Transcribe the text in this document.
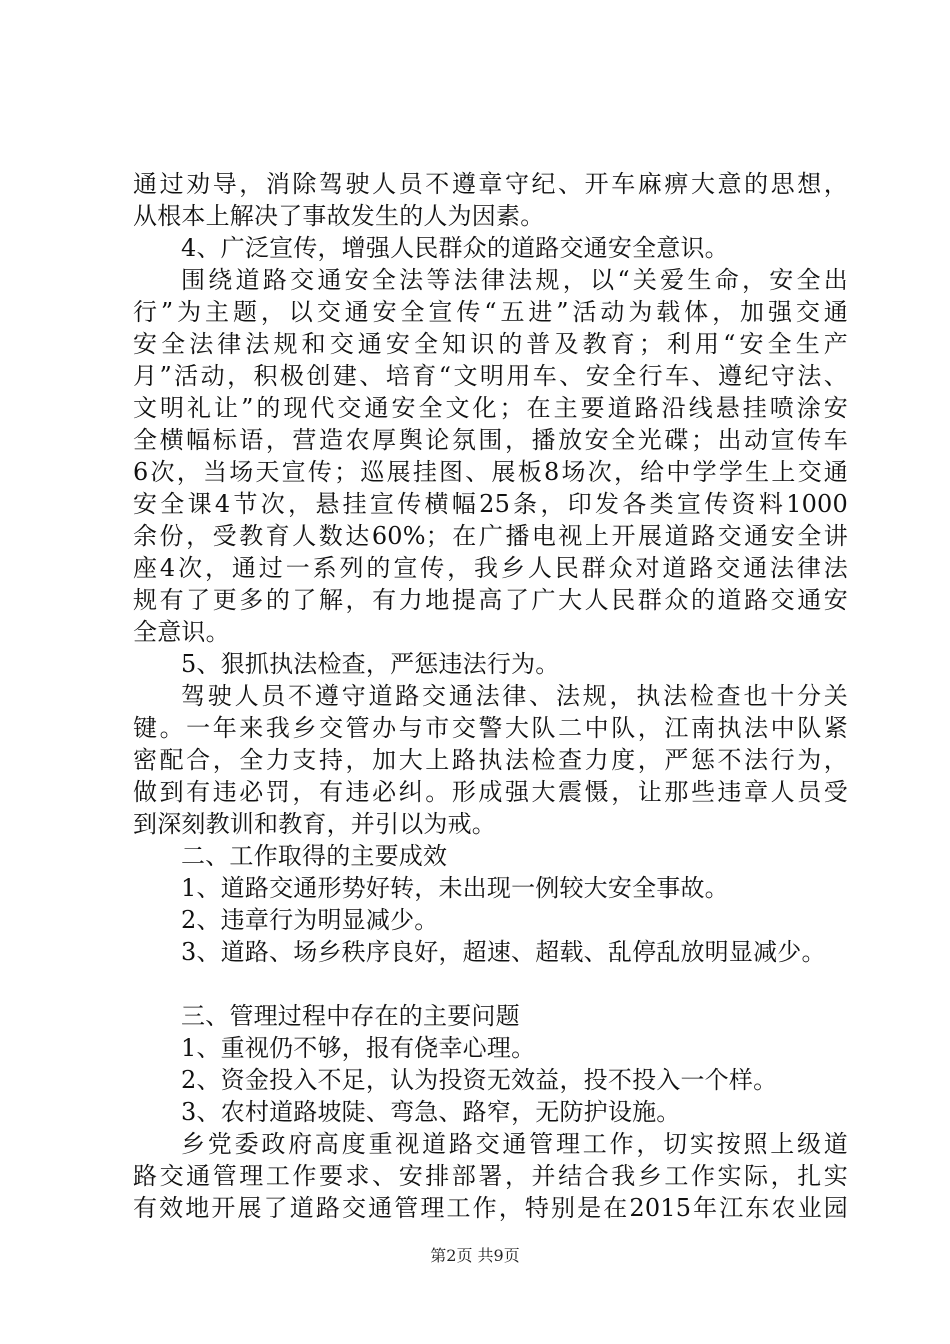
通过劝导，消除驾驶人员不遵章守纪、开车麻痹大意的思想，
从根本上解决了事故发生的人为因素。
4、广泛宣传，增强人民群众的道路交通安全意识。
围绕道路交通安全法等法律法规，以“关爱生命，安全出
行”为主题，以交通安全宣传“五进”活动为载体，加强交通
安全法律法规和交通安全知识的普及教育；利用“安全生产
月”活动，积极创建、培育“文明用车、安全行车、遵纪守法、
文明礼让”的现代交通安全文化；在主要道路沿线悬挂喷涂安
全横幅标语，营造农厚舆论氛围，播放安全光碟；出动宣传车
6次，当场天宣传；巡展挂图、展板8场次，给中学学生上交通
安全课4节次，悬挂宣传横幅25条，印发各类宣传资料1000
余份，受教育人数达60%；在广播电视上开展道路交通安全讲
座4次，通过一系列的宣传，我乡人民群众对道路交通法律法
规有了更多的了解，有力地提高了广大人民群众的道路交通安
全意识。
5、狠抓执法检查，严惩违法行为。
驾驶人员不遵守道路交通法律、法规，执法检查也十分关
键。一年来我乡交管办与市交警大队二中队，江南执法中队紧
密配合，全力支持，加大上路执法检查力度，严惩不法行为，
做到有违必罚，有违必纠。形成强大震慑，让那些违章人员受
到深刻教训和教育，并引以为戒。
二、工作取得的主要成效
1、道路交通形势好转，未出现一例较大安全事故。
2、违章行为明显减少。
3、道路、场乡秩序良好，超速、超载、乱停乱放明显减少。
三、管理过程中存在的主要问题
1、重视仍不够，报有侥幸心理。
2、资金投入不足，认为投资无效益，投不投入一个样。
3、农村道路坡陡、弯急、路窄，无防护设施。
乡党委政府高度重视道路交通管理工作，切实按照上级道
路交通管理工作要求、安排部署，并结合我乡工作实际，扎实
有效地开展了道路交通管理工作，特别是在2015年江东农业园
第2页 共9页
